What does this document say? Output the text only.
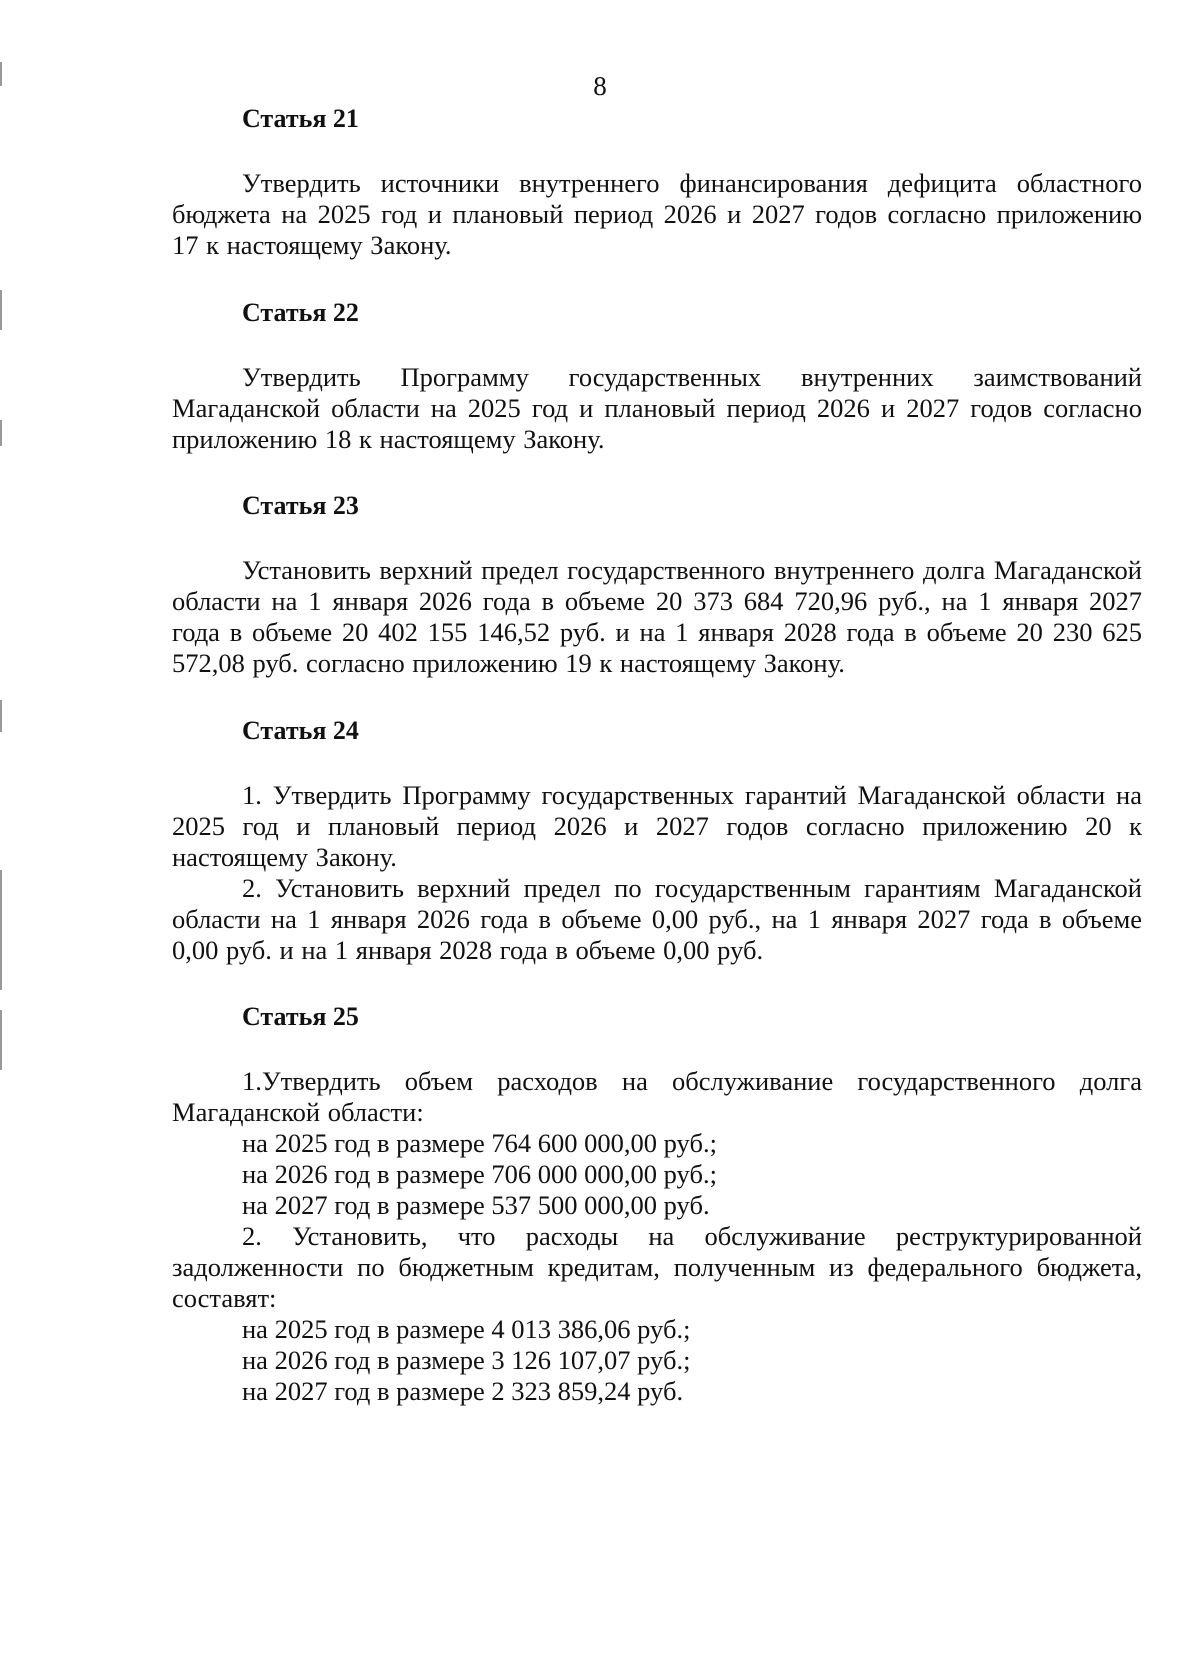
8
Статья 21

Утвердить источники внутреннего финансирования дефицита областного бюджета на 2025 год и плановый период 2026 и 2027 годов согласно приложению 17 к настоящему Закону.

Статья 22

Утвердить Программу государственных внутренних заимствований Магаданской области на 2025 год и плановый период 2026 и 2027 годов согласно приложению 18 к настоящему Закону.

Статья 23

Установить верхний предел государственного внутреннего долга Магаданской области на 1 января 2026 года в объеме 20 373 684 720,96 руб., на 1 января 2027 года в объеме 20 402 155 146,52 руб. и на 1 января 2028 года в объеме 20 230 625 572,08 руб. согласно приложению 19 к настоящему Закону.

Статья 24

1. Утвердить Программу государственных гарантий Магаданской области на 2025 год и плановый период 2026 и 2027 годов согласно приложению 20 к настоящему Закону.

2. Установить верхний предел по государственным гарантиям Магаданской области на 1 января 2026 года в объеме 0,00 руб., на 1 января 2027 года в объеме 0,00 руб. и на 1 января 2028 года в объеме 0,00 руб.

Статья 25

1.Утвердить объем расходов на обслуживание государственного долга Магаданской области:

на 2025 год в размере 764 600 000,00 руб.;

на 2026 год в размере 706 000 000,00 руб.;

на 2027 год в размере 537 500 000,00 руб.

2. Установить, что расходы на обслуживание реструктурированной задолженности по бюджетным кредитам, полученным из федерального бюджета, составят:

на 2025 год в размере 4 013 386,06 руб.;

на 2026 год в размере 3 126 107,07 руб.;

на 2027 год в размере 2 323 859,24 руб.
